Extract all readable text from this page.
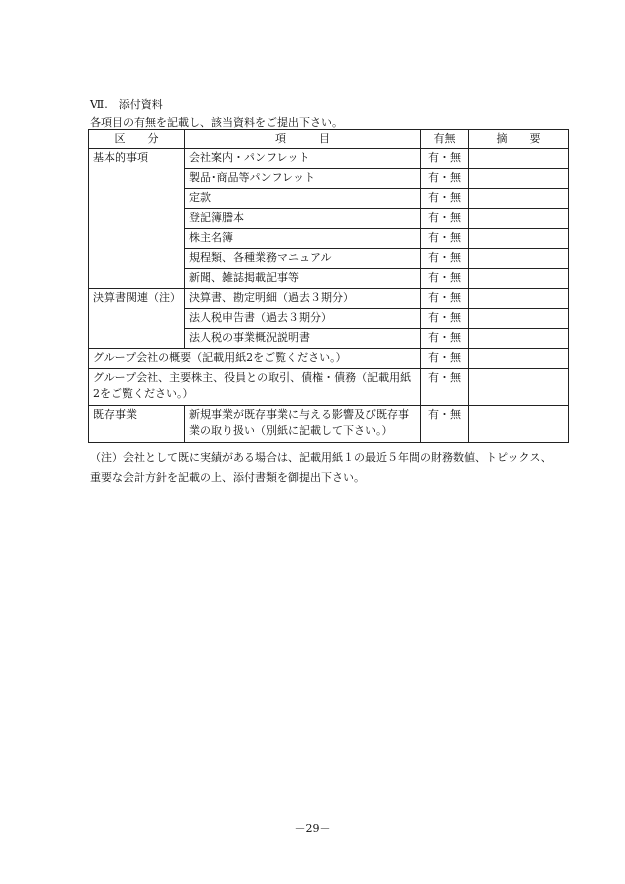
Ⅶ.　添付資料
各項目の有無を記載し、該当資料をご提出下さい。
区　　分	項　　　目	有無	摘　　要
基本的事項	会社案内・パンフレット	有・無	
	製品･商品等パンフレット	有・無	
	定款	有・無	
	登記簿謄本	有・無	
	株主名簿	有・無	
	規程類、各種業務マニュアル	有・無	
	新聞、雑誌掲載記事等	有・無	
決算書関連（注）	決算書、勘定明細（過去３期分）	有・無	
	法人税申告書（過去３期分）	有・無	
	法人税の事業概況説明書	有・無	
グループ会社の概要（記載用紙2をご覧ください。）		有・無	
グループ会社、主要株主、役員との取引、債権・債務（記載用紙2をご覧ください。）		有・無	
既存事業	新規事業が既存事業に与える影響及び既存事業の取り扱い（別紙に記載して下さい。）	有・無	
（注）会社として既に実績がある場合は、記載用紙１の最近５年間の財務数値、トピックス、重要な会計方針を記載の上、添付書類を御提出下さい。
－29－
